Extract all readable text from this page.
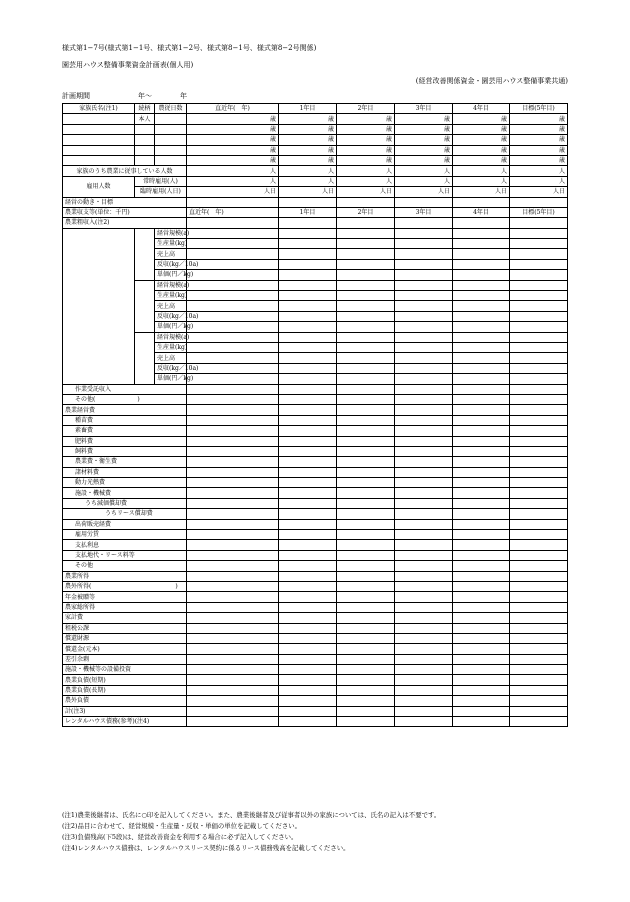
様式第1−7号(様式第1−1号、様式第1−2号、様式第8−1号、様式第8−2号関係)
園芸用ハウス整備事業資金計画表(個人用)
(経営改善関係資金・園芸用ハウス整備事業共通)
計画期間	年〜　　　　年
家族氏名(注1)	続柄	農従日数	直近年(　年)	1年目	2年目	3年目	4年目	目標(5年目)
	本人		歳	歳	歳	歳	歳	歳
			歳	歳	歳	歳	歳	歳
			歳	歳	歳	歳	歳	歳
			歳	歳	歳	歳	歳	歳
			歳	歳	歳	歳	歳	歳
家族のうち農業に従事している人数			人	人	人	人	人	人
雇用人数	常時雇用(人)		人	人	人	人	人	人
	臨時雇用(人日)		人日	人日	人日	人日	人日	人日
経営の動き・目標								
農業収支等(単位：千円)			直近年(　年)	1年目	2年目	3年目	4年目	目標(5年目)
農業粗収入(注2)								
		経営規模(a)						
		生産量(kg)						
		売上高						
		反収(kg／10a)						
		単価(円／kg)						
		経営規模(a)						
		生産量(kg)						
		売上高						
		反収(kg／10a)						
		単価(円／kg)						
		経営規模(a)						
		生産量(kg)						
		売上高						
		反収(kg／10a)						
		単価(円／kg)						
作業受託収入								
その他(　　　　　　　)								
農業経営費								
種苗費								
素畜費								
肥料費								
飼料費								
農業費・衛生費								
諸材料費								
動力光熱費								
施設・機械費								
うち減価償却費								
うちリース償却費								
出荷販売経費								
雇用労賃								
支払利息								
支払地代・リース料等								
その他								
農業所得								
農外所得(　　　　　　　　　　　　　　)								
年金被贈等								
農家総所得								
家計費								
租税公課								
償還財源								
償還金(元本)								
差引余剰								
施設・機械等の設備投資								
農業負債(短期)								
農業負債(長期)								
農外負債								
計(注3)								
レンタルハウス債務(参考)(注4)								
(注1)農業後継者は、氏名に○印を記入してください。また、農業後継者及び従事者以外の家族については、氏名の記入は不要です。
(注2)品目に合わせて、経営規模・生産量・反収・単価の単位を記載してください。
(注3)負債残高(下5段)は、経営改善資金を利用する場合に必ず記入してください。
(注4)レンタルハウス債務は、レンタルハウスリース契約に係るリース債務残高を記載してください。
